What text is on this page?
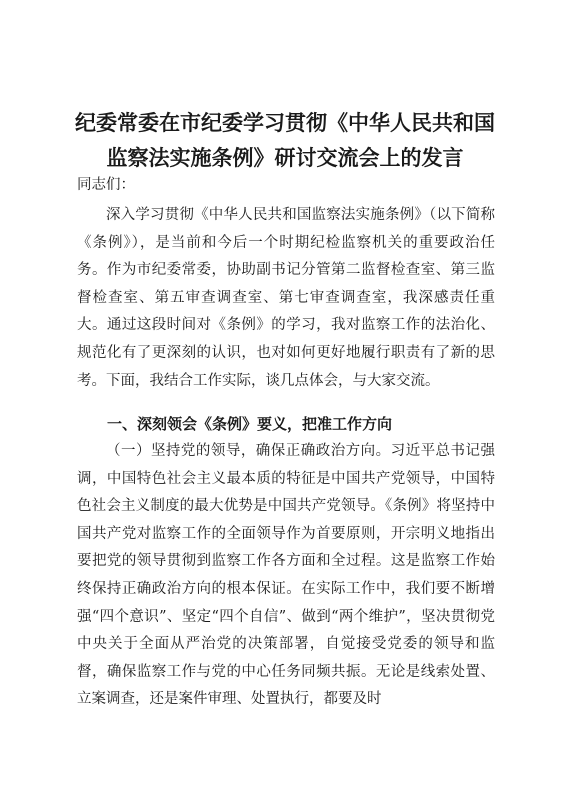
纪委常委在市纪委学习贯彻《中华人民共和国
监察法实施条例》研讨交流会上的发言
同志们：

深入学习贯彻《中华人民共和国监察法实施条例》（以下简称《条例》），是当前和今后一个时期纪检监察机关的重要政治任务。作为市纪委常委，协助副书记分管第二监督检查室、第三监督检查室、第五审查调查室、第七审查调查室，我深感责任重大。通过这段时间对《条例》的学习，我对监察工作的法治化、规范化有了更深刻的认识，也对如何更好地履行职责有了新的思考。下面，我结合工作实际，谈几点体会，与大家交流。

一、深刻领会《条例》要义，把准工作方向

（一）坚持党的领导，确保正确政治方向。习近平总书记强调，中国特色社会主义最本质的特征是中国共产党领导，中国特色社会主义制度的最大优势是中国共产党领导。《条例》将坚持中国共产党对监察工作的全面领导作为首要原则，开宗明义地指出要把党的领导贯彻到监察工作各方面和全过程。这是监察工作始终保持正确政治方向的根本保证。在实际工作中，我们要不断增强“四个意识”、坚定“四个自信”、做到“两个维护”，坚决贯彻党中央关于全面从严治党的决策部署，自觉接受党委的领导和监督，确保监察工作与党的中心任务同频共振。无论是线索处置、立案调查，还是案件审理、处置执行，都要及时
